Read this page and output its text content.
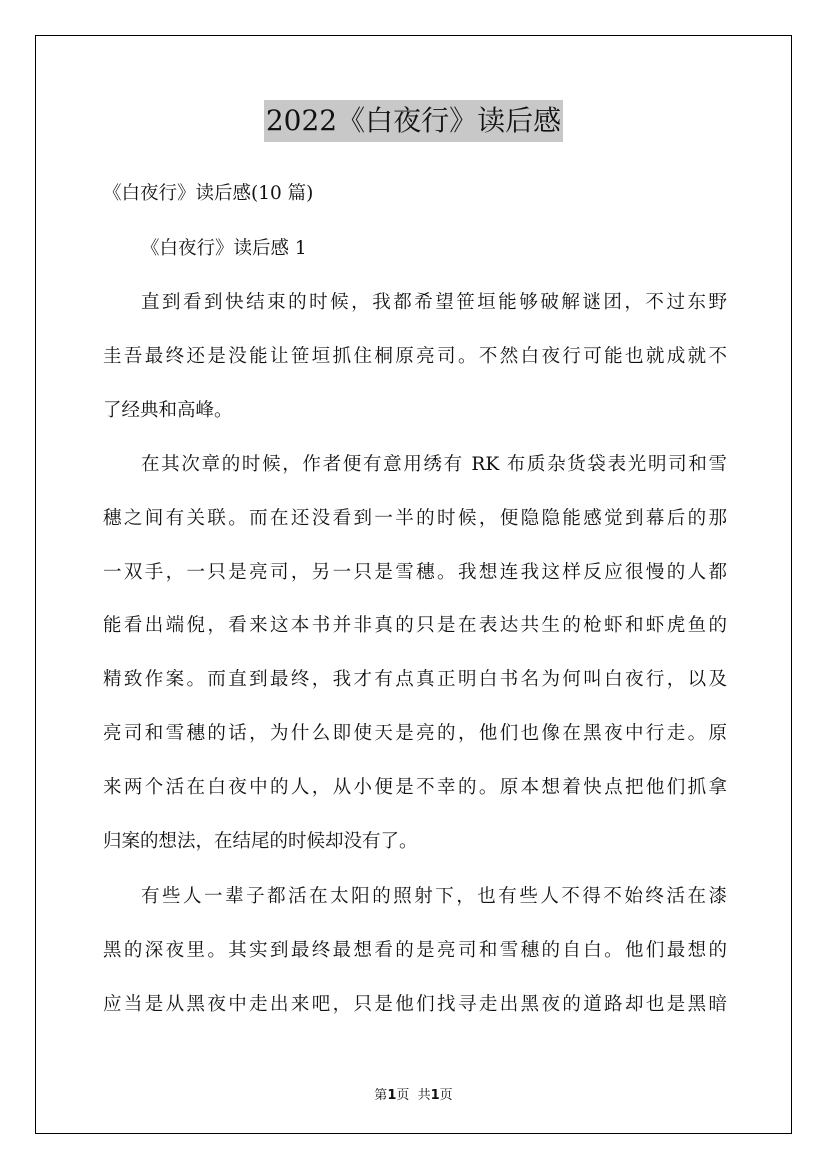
2022《白夜行》读后感
《白夜行》读后感(10 篇)
《白夜行》读后感 1
直到看到快结束的时候，我都希望笹垣能够破解谜团，不过东野
圭吾最终还是没能让笹垣抓住桐原亮司。不然白夜行可能也就成就不
了经典和高峰。
在其次章的时候，作者便有意用绣有 RK 布质杂货袋表光明司和雪
穗之间有关联。而在还没看到一半的时候，便隐隐能感觉到幕后的那
一双手，一只是亮司，另一只是雪穗。我想连我这样反应很慢的人都
能看出端倪，看来这本书并非真的只是在表达共生的枪虾和虾虎鱼的
精致作案。而直到最终，我才有点真正明白书名为何叫白夜行，以及
亮司和雪穗的话，为什么即使天是亮的，他们也像在黑夜中行走。原
来两个活在白夜中的人，从小便是不幸的。原本想着快点把他们抓拿
归案的想法，在结尾的时候却没有了。
有些人一辈子都活在太阳的照射下，也有些人不得不始终活在漆
黑的深夜里。其实到最终最想看的是亮司和雪穗的自白。他们最想的
应当是从黑夜中走出来吧，只是他们找寻走出黑夜的道路却也是黑暗
第1页  共1页
